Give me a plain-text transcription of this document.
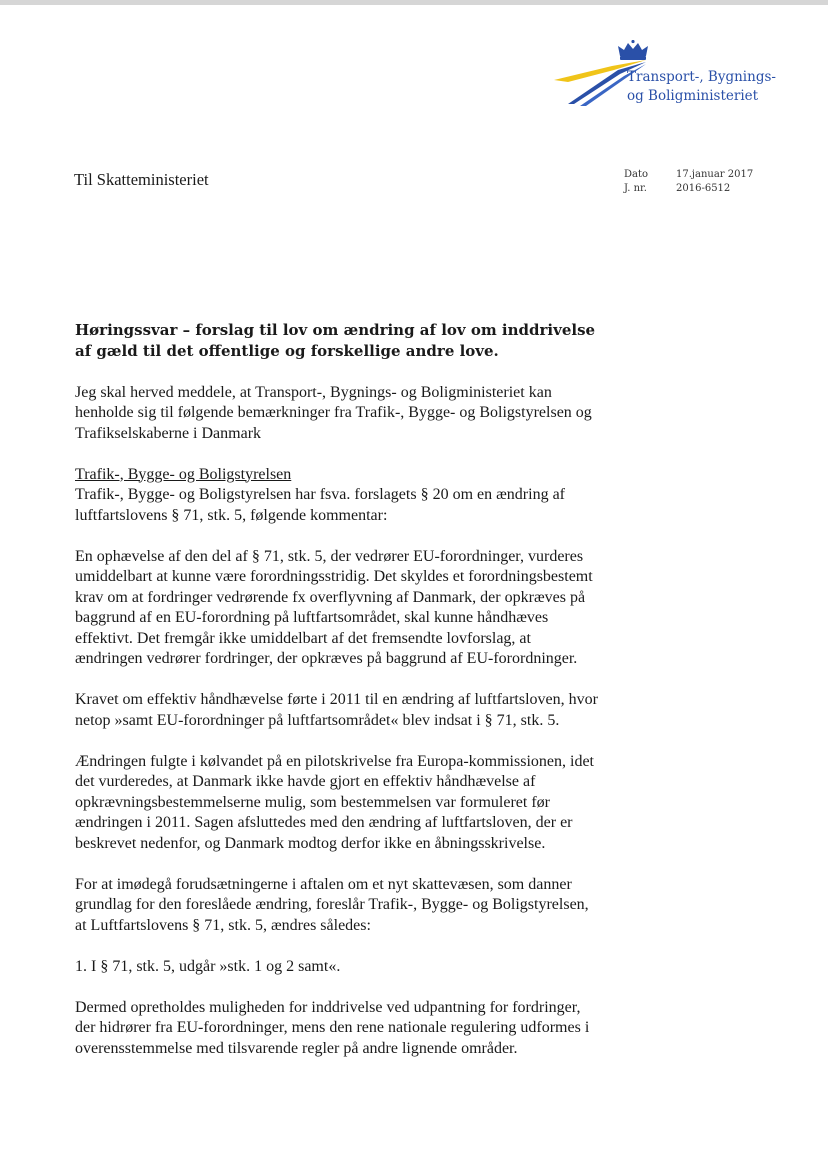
Transport-, Bygnings-
og Boligministeriet
Til Skatteministeriet	Dato	17.januar 2017
J. nr.	2016-6512

Høringssvar – forslag til lov om ændring af lov om inddrivelse af gæld til det offentlige og forskellige andre love.

Jeg skal herved meddele, at Transport-, Bygnings- og Boligministeriet kan henholde sig til følgende bemærkninger fra Trafik-, Bygge- og Boligstyrelsen og Trafikselskaberne i Danmark

Trafik-, Bygge- og Boligstyrelsen
Trafik-, Bygge- og Boligstyrelsen har fsva. forslagets § 20 om en ændring af luftfartslovens § 71, stk. 5, følgende kommentar:

En ophævelse af den del af § 71, stk. 5, der vedrører EU-forordninger, vurderes umiddelbart at kunne være forordningsstridig. Det skyldes et forordningsbestemt krav om at fordringer vedrørende fx overflyvning af Danmark, der opkræves på baggrund af en EU-forordning på luftfartsområdet, skal kunne håndhæves effektivt. Det fremgår ikke umiddelbart af det fremsendte lovforslag, at ændringen vedrører fordringer, der opkræves på baggrund af EU-forordninger.

Kravet om effektiv håndhævelse førte i 2011 til en ændring af luftfartsloven, hvor netop »samt EU-forordninger på luftfartsområdet« blev indsat i § 71, stk. 5.

Ændringen fulgte i kølvandet på en pilotskrivelse fra Europa-kommissionen, idet det vurderedes, at Danmark ikke havde gjort en effektiv håndhævelse af opkrævningsbestemmelserne mulig, som bestemmelsen var formuleret før ændringen i 2011. Sagen afsluttedes med den ændring af luftfartsloven, der er beskrevet nedenfor, og Danmark modtog derfor ikke en åbningsskrivelse.

For at imødegå forudsætningerne i aftalen om et nyt skattevæsen, som danner grundlag for den foreslåede ændring, foreslår Trafik-, Bygge- og Boligstyrelsen, at Luftfartslovens § 71, stk. 5, ændres således:

1. I § 71, stk. 5, udgår »stk. 1 og 2 samt«.

Dermed opretholdes muligheden for inddrivelse ved udpantning for fordringer, der hidrører fra EU-forordninger, mens den rene nationale regulering udformes i overensstemmelse med tilsvarende regler på andre lignende områder.
